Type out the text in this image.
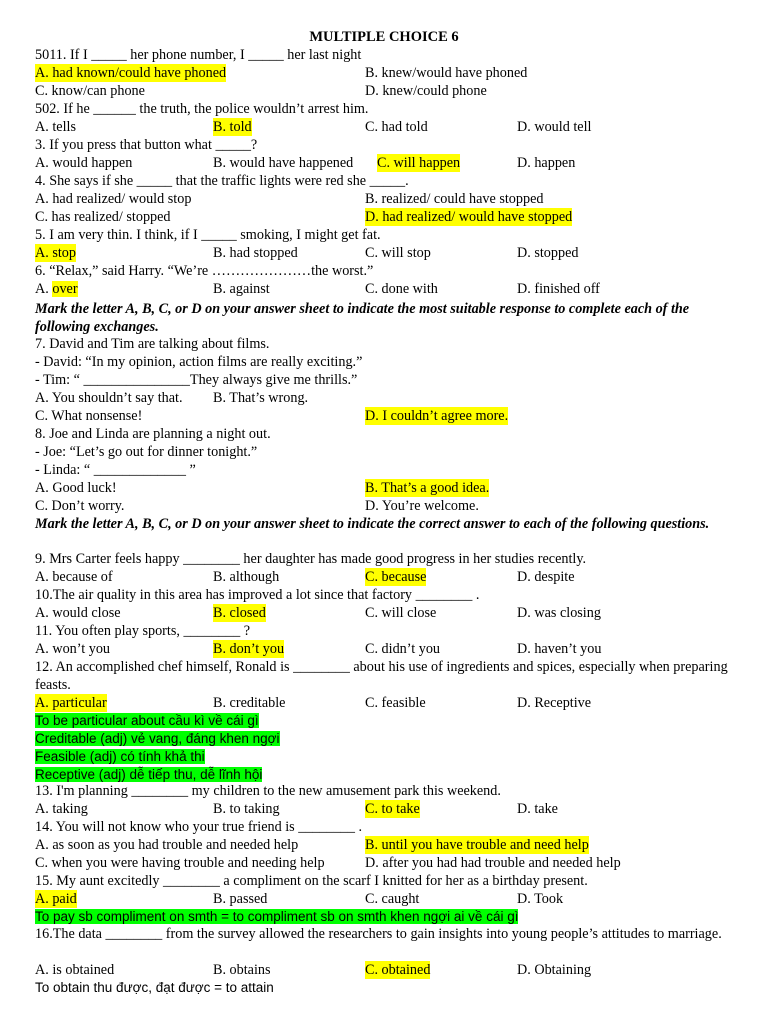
MULTIPLE CHOICE 6
5011. If I _____ her phone number, I _____ her last night
A. had known/could have phoned	B. knew/would have phoned
C. know/can phone	D. knew/could phone
502. If he ______ the truth, the police wouldn’t arrest him.
A. tells	B. told	C. had told	D. would tell
3. If you press that button what _____?
A. would happen	B. would have happened C. will happen	D. happen
4. She says if she _____ that the traffic lights were red she _____.
A. had realized/ would stop	B. realized/ could have stopped
C. has realized/ stopped	D. had realized/ would have stopped
5. I am very thin. I think, if I _____ smoking, I might get fat.
A. stop	B. had stopped	C. will stop	D. stopped
6. “Relax,” said Harry. “We’re …………………the worst.”
A. over	B. against	C. done with	D. finished off
Mark the letter A, B, C, or D on your answer sheet to indicate the most suitable response to complete each of the following exchanges.
7. David and Tim are talking about films.
- David: “In my opinion, action films are really exciting.”
- Tim: “ _______________They always give me thrills.”
A. You shouldn’t say that. B. That’s wrong.
C. What nonsense!	D. I couldn’t agree more.
8. Joe and Linda are planning a night out.
- Joe: “Let’s go out for dinner tonight.”
- Linda: “ _____________ ”
A. Good luck!	B. That’s a good idea.
C. Don’t worry.	D. You’re welcome.
Mark the letter A, B, C, or D on your answer sheet to indicate the correct answer to each of the following questions.
9. Mrs Carter feels happy ________ her daughter has made good progress in her studies recently.
A. because of	B. although	C. because	D. despite
10.The air quality in this area has improved a lot since that factory ________ .
A. would close	B. closed	C. will close	D. was closing
11. You often play sports, ________ ?
A. won’t you	B. don’t you	C. didn’t you	D. haven’t you
12. An accomplished chef himself, Ronald is ________ about his use of ingredients and spices, especially when preparing feasts.
A. particular	B. creditable	C. feasible	D. Receptive
To be particular about cầu kì về cái gì
Creditable (adj) vẻ vang, đáng khen ngợi
Feasible (adj) có tính khả thi
Receptive (adj) dễ tiếp thu, dễ lĩnh hội
13. I'm planning ________ my children to the new amusement park this weekend.
A. taking	B. to taking	C. to take	D. take
14. You will not know who your true friend is ________ .
A. as soon as you had trouble and needed help	B. until you have trouble and need help
C. when you were having trouble and needing help	D. after you had had trouble and needed help
15. My aunt excitedly ________ a compliment on the scarf I knitted for her as a birthday present.
A. paid	B. passed	C. caught	D. Took
To pay sb compliment on smth = to compliment sb on smth khen ngợi ai về cái gì
16.The data ________ from the survey allowed the researchers to gain insights into young people’s attitudes to marriage.
A. is obtained	B. obtains	C. obtained	D. Obtaining
To obtain thu được, đạt được = to attain
